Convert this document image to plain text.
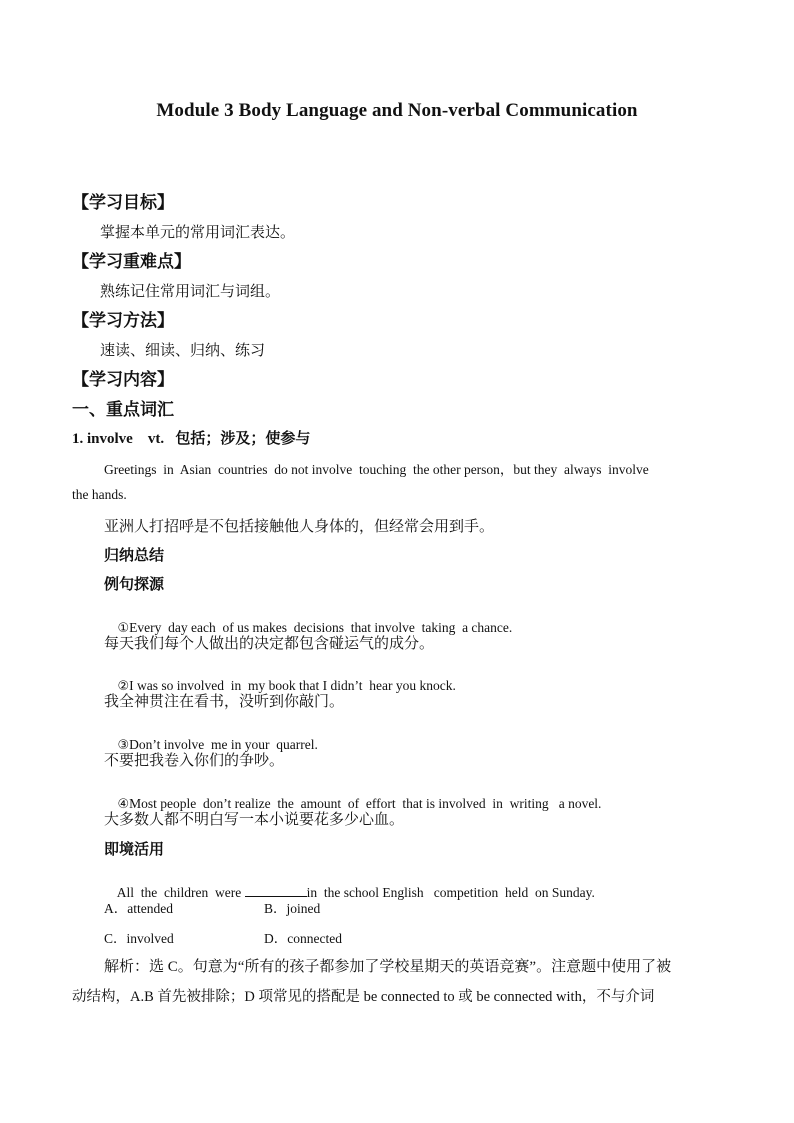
Module 3 Body Language and Non-verbal Communication
【学习目标】
掌握本单元的常用词汇表达。
【学习重难点】
熟练记住常用词汇与词组。
【学习方法】
速读、细读、归纳、练习
【学习内容】
一、重点词汇
1. involve    vt.   包括；涉及；使参与
Greetings  in  Asian  countries  do not involve  touching  the other person，but they  always  involve
the hands.
亚洲人打招呼是不包括接触他人身体的，但经常会用到手。
归纳总结
例句探源

①Every  day each  of us makes  decisions  that involve  taking  a chance.

每天我们每个人做出的决定都包含碰运气的成分。

②I was so involved  in  my book that I didn’t  hear you knock.

我全神贯注在看书，没听到你敲门。

③Don’t involve  me in your  quarrel.

不要把我卷入你们的争吵。

④Most people  don’t realize  the  amount  of  effort  that is involved  in  writing   a novel.

大多数人都不明白写一本小说要花多少心血。
即境活用

All  the  children  were	in  the school English   competition  held  on Sunday.

A．attended	B．joined
C．involved	D．connected
解析：选 C。句意为“所有的孩子都参加了学校星期天的英语竞赛”。注意题中使用了被
动结构，A.B 首先被排除；D 项常见的搭配是 be connected to 或 be connected with，不与介词
